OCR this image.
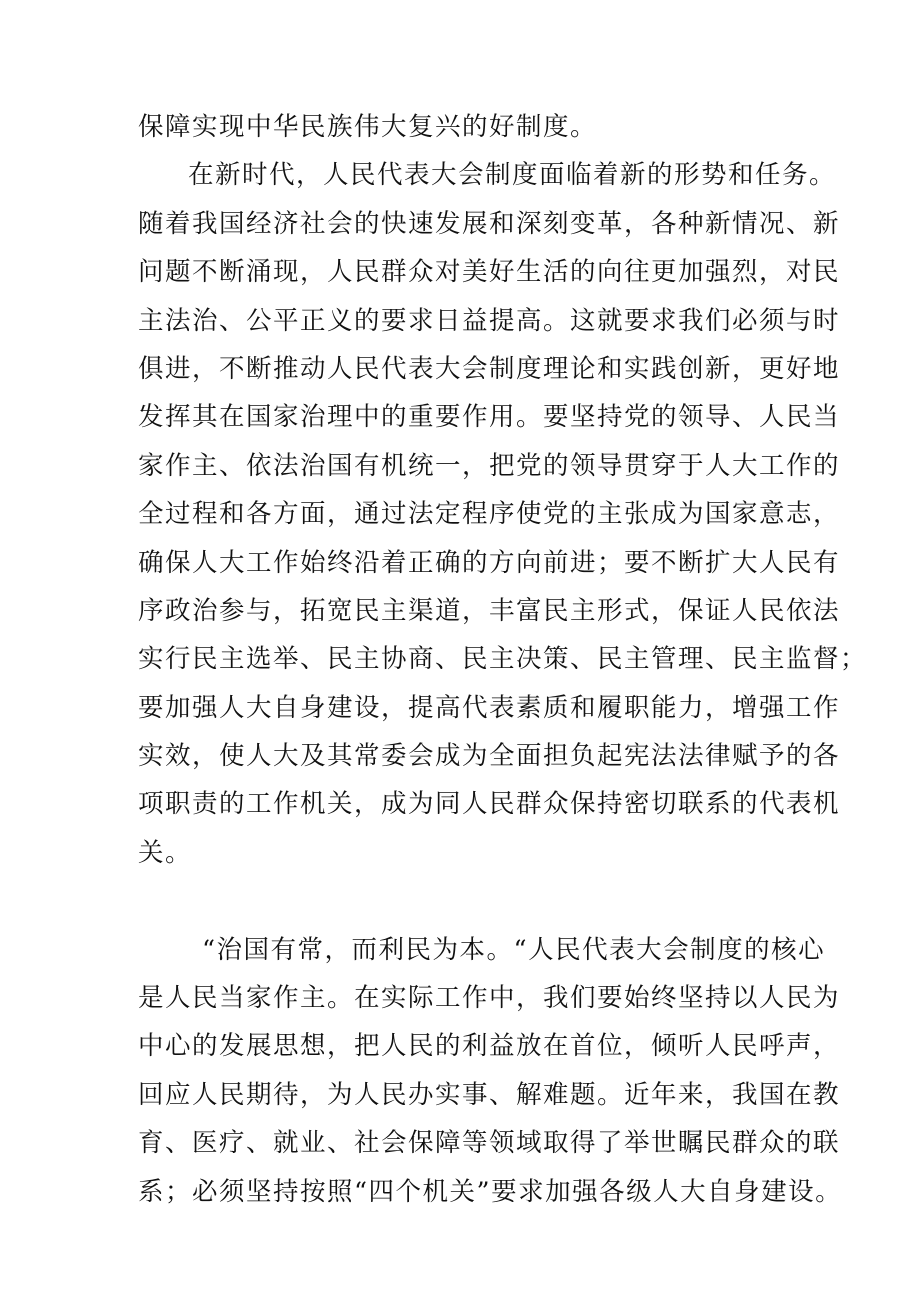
保障实现中华民族伟大复兴的好制度。
在新时代，人民代表大会制度面临着新的形势和任务。
随着我国经济社会的快速发展和深刻变革，各种新情况、新
问题不断涌现，人民群众对美好生活的向往更加强烈，对民
主法治、公平正义的要求日益提高。这就要求我们必须与时
俱进，不断推动人民代表大会制度理论和实践创新，更好地
发挥其在国家治理中的重要作用。要坚持党的领导、人民当
家作主、依法治国有机统一，把党的领导贯穿于人大工作的
全过程和各方面，通过法定程序使党的主张成为国家意志，
确保人大工作始终沿着正确的方向前进；要不断扩大人民有
序政治参与，拓宽民主渠道，丰富民主形式，保证人民依法
实行民主选举、民主协商、民主决策、民主管理、民主监督；
要加强人大自身建设，提高代表素质和履职能力，增强工作
实效，使人大及其常委会成为全面担负起宪法法律赋予的各
项职责的工作机关，成为同人民群众保持密切联系的代表机
关。
“治国有常，而利民为本。“人民代表大会制度的核心
是人民当家作主。在实际工作中，我们要始终坚持以人民为
中心的发展思想，把人民的利益放在首位，倾听人民呼声，
回应人民期待，为人民办实事、解难题。近年来，我国在教
育、医疗、就业、社会保障等领域取得了举世瞩民群众的联
系；必须坚持按照“四个机关”要求加强各级人大自身建设。
